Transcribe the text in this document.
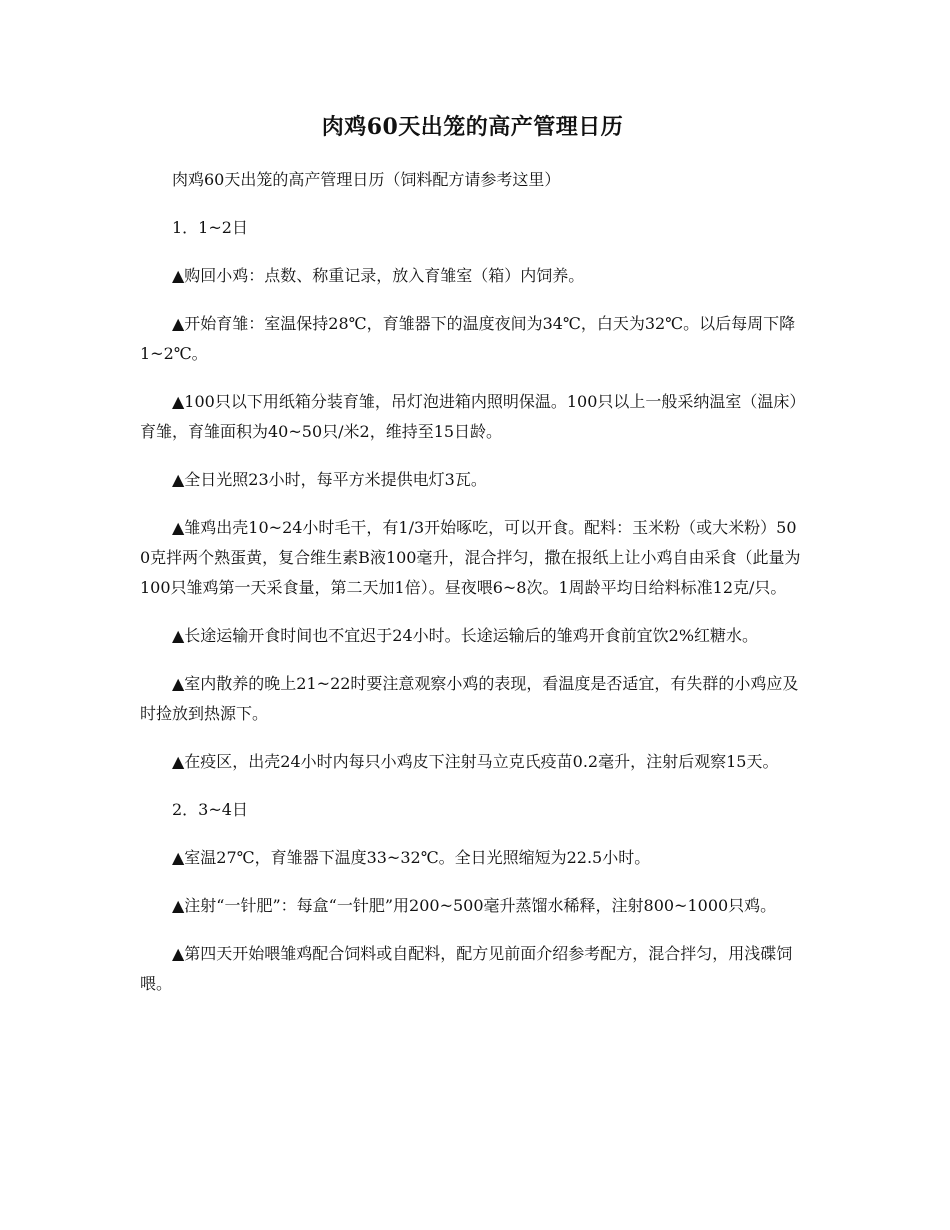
肉鸡60天出笼的高产管理日历

肉鸡60天出笼的高产管理日历（饲料配方请参考这里）

1．1~2日

▲购回小鸡：点数、称重记录，放入育雏室（箱）内饲养。

▲开始育雏：室温保持28℃，育雏器下的温度夜间为34℃，白天为32℃。以后每周下降1~2℃。

▲100只以下用纸箱分装育雏，吊灯泡进箱内照明保温。100只以上一般采纳温室（温床）育雏，育雏面积为40~50只/米2，维持至15日龄。

▲全日光照23小时，每平方米提供电灯3瓦。

▲雏鸡出壳10~24小时毛干，有1/3开始啄吃，可以开食。配料：玉米粉（或大米粉）500克拌两个熟蛋黄，复合维生素B液100毫升，混合拌匀，撒在报纸上让小鸡自由采食（此量为100只雏鸡第一天采食量，第二天加1倍）。昼夜喂6~8次。1周龄平均日给料标准12克/只。

▲长途运输开食时间也不宜迟于24小时。长途运输后的雏鸡开食前宜饮2%红糖水。

▲室内散养的晚上21~22时要注意观察小鸡的表现，看温度是否适宜，有失群的小鸡应及时捡放到热源下。

▲在疫区，出壳24小时内每只小鸡皮下注射马立克氏疫苗0.2毫升，注射后观察15天。

2．3~4日

▲室温27℃，育雏器下温度33~32℃。全日光照缩短为22.5小时。

▲注射“一针肥”：每盒“一针肥”用200~500毫升蒸馏水稀释，注射800~1000只鸡。

▲第四天开始喂雏鸡配合饲料或自配料，配方见前面介绍参考配方，混合拌匀，用浅碟饲喂。
